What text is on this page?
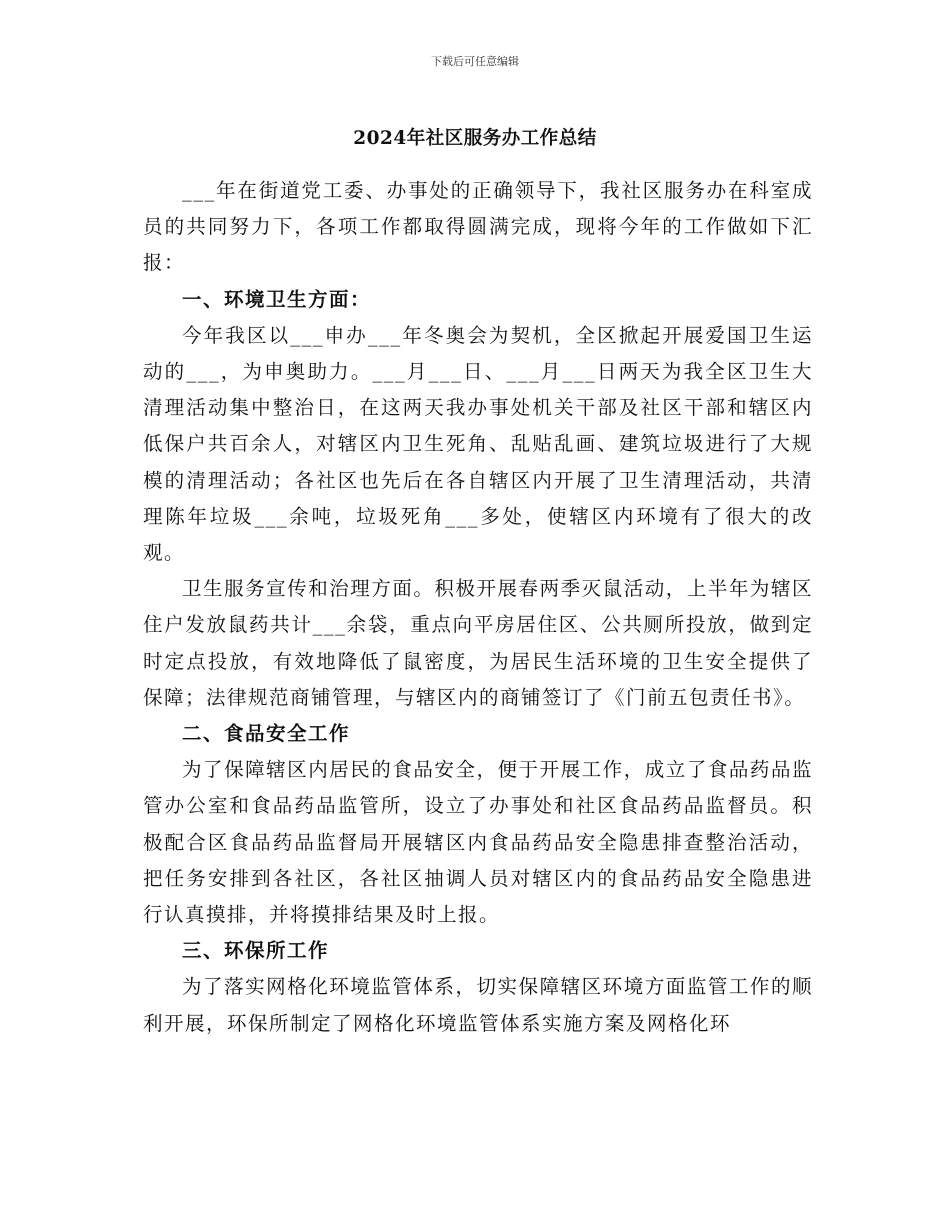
下载后可任意编辑
2024年社区服务办工作总结

___年在街道党工委、办事处的正确领导下，我社区服务办在科室成员的共同努力下，各项工作都取得圆满完成，现将今年的工作做如下汇报：

一、环境卫生方面：

今年我区以___申办___年冬奥会为契机，全区掀起开展爱国卫生运动的___，为申奥助力。___月___日、___月___日两天为我全区卫生大清理活动集中整治日，在这两天我办事处机关干部及社区干部和辖区内低保户共百余人，对辖区内卫生死角、乱贴乱画、建筑垃圾进行了大规模的清理活动；各社区也先后在各自辖区内开展了卫生清理活动，共清理陈年垃圾___余吨，垃圾死角___多处，使辖区内环境有了很大的改观。

卫生服务宣传和治理方面。积极开展春两季灭鼠活动，上半年为辖区住户发放鼠药共计___余袋，重点向平房居住区、公共厕所投放，做到定时定点投放，有效地降低了鼠密度，为居民生活环境的卫生安全提供了保障；法律规范商铺管理，与辖区内的商铺签订了《门前五包责任书》。

二、食品安全工作

为了保障辖区内居民的食品安全，便于开展工作，成立了食品药品监管办公室和食品药品监管所，设立了办事处和社区食品药品监督员。积极配合区食品药品监督局开展辖区内食品药品安全隐患排查整治活动，把任务安排到各社区，各社区抽调人员对辖区内的食品药品安全隐患进行认真摸排，并将摸排结果及时上报。

三、环保所工作

为了落实网格化环境监管体系，切实保障辖区环境方面监管工作的顺利开展，环保所制定了网格化环境监管体系实施方案及网格化环
